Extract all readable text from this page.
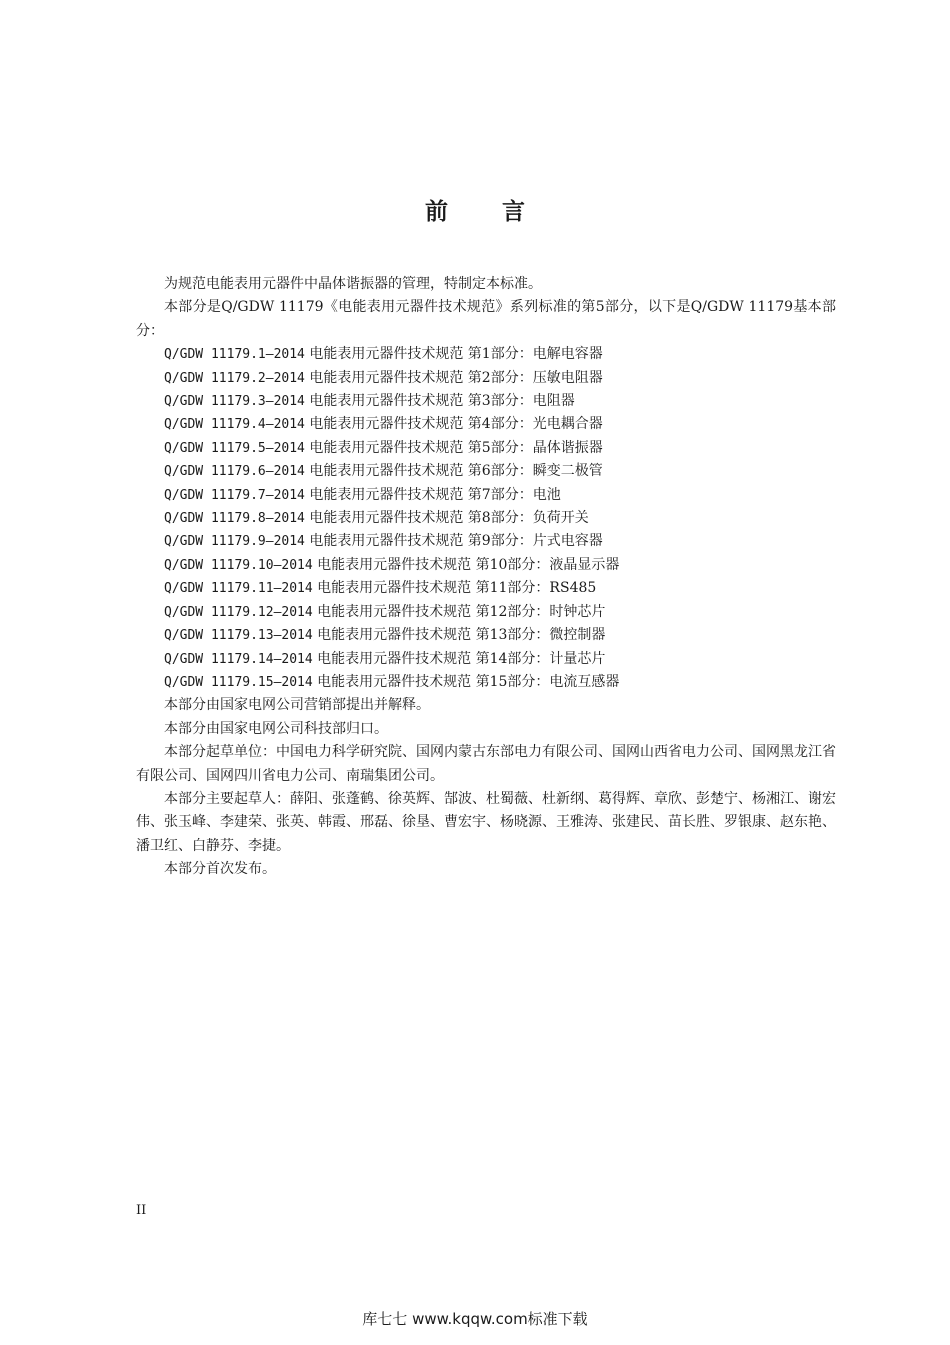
前 言

为规范电能表用元器件中晶体谐振器的管理，特制定本标准。

本部分是Q/GDW 11179《电能表用元器件技术规范》系列标准的第5部分，以下是Q/GDW 11179基本部分：

Q/GDW 11179.1—2014 电能表用元器件技术规范 第1部分：电解电容器
Q/GDW 11179.2—2014 电能表用元器件技术规范 第2部分：压敏电阻器
Q/GDW 11179.3—2014 电能表用元器件技术规范 第3部分：电阻器
Q/GDW 11179.4—2014 电能表用元器件技术规范 第4部分：光电耦合器
Q/GDW 11179.5—2014 电能表用元器件技术规范 第5部分：晶体谐振器
Q/GDW 11179.6—2014 电能表用元器件技术规范 第6部分：瞬变二极管
Q/GDW 11179.7—2014 电能表用元器件技术规范 第7部分：电池
Q/GDW 11179.8—2014 电能表用元器件技术规范 第8部分：负荷开关
Q/GDW 11179.9—2014 电能表用元器件技术规范 第9部分：片式电容器
Q/GDW 11179.10—2014 电能表用元器件技术规范 第10部分：液晶显示器
Q/GDW 11179.11—2014 电能表用元器件技术规范 第11部分：RS485
Q/GDW 11179.12—2014 电能表用元器件技术规范 第12部分：时钟芯片
Q/GDW 11179.13—2014 电能表用元器件技术规范 第13部分：微控制器
Q/GDW 11179.14—2014 电能表用元器件技术规范 第14部分：计量芯片
Q/GDW 11179.15—2014 电能表用元器件技术规范 第15部分：电流互感器

本部分由国家电网公司营销部提出并解释。

本部分由国家电网公司科技部归口。

本部分起草单位：中国电力科学研究院、国网内蒙古东部电力有限公司、国网山西省电力公司、国网黑龙江省有限公司、国网四川省电力公司、南瑞集团公司。

本部分主要起草人：薛阳、张蓬鹤、徐英辉、郜波、杜蜀薇、杜新纲、葛得辉、章欣、彭楚宁、杨湘江、谢宏伟、张玉峰、李建荣、张英、韩霞、邢磊、徐垦、曹宏宇、杨晓源、王雅涛、张建民、苗长胜、罗银康、赵东艳、潘卫红、白静芬、李捷。

本部分首次发布。

II
库七七 www.kqqw.com标准下载
